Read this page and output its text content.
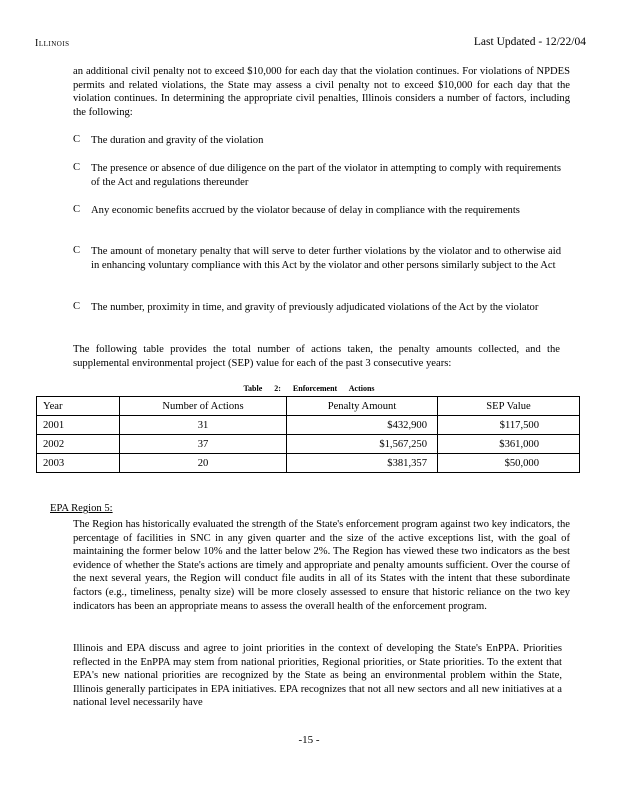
Illinois	Last Updated - 12/22/04
an additional civil penalty not to exceed $10,000 for each day that the violation continues. For violations of NPDES permits and related violations, the State may assess a civil penalty not to exceed $10,000 for each day that the violation continues. In determining the appropriate civil penalties, Illinois considers a number of factors, including the following:
C The duration and gravity of the violation
C The presence or absence of due diligence on the part of the violator in attempting to comply with requirements of the Act and regulations thereunder
C Any economic benefits accrued by the violator because of delay in compliance with the requirements
C The amount of monetary penalty that will serve to deter further violations by the violator and to otherwise aid in enhancing voluntary compliance with this Act by the violator and other persons similarly subject to the Act
C The number, proximity in time, and gravity of previously adjudicated violations of the Act by the violator
The following table provides the total number of actions taken, the penalty amounts collected, and the supplemental environmental project (SEP) value for each of the past 3 consecutive years:
Table 2: Enforcement Actions
Year	Number of Actions	Penalty Amount	SEP Value
2001	31	$432,900	$117,500
2002	37	$1,567,250	$361,000
2003	20	$381,357	$50,000
EPA Region 5:
The Region has historically evaluated the strength of the State's enforcement program against two key indicators, the percentage of facilities in SNC in any given quarter and the size of the active exceptions list, with the goal of maintaining the former below 10% and the latter below 2%. The Region has viewed these two indicators as the best evidence of whether the State's actions are timely and appropriate and penalty amounts sufficient. Over the course of the next several years, the Region will conduct file audits in all of its States with the intent that these subordinate factors (e.g., timeliness, penalty size) will be more closely assessed to ensure that historic reliance on the two key indicators has been an appropriate means to assess the overall health of the enforcement program.
Illinois and EPA discuss and agree to joint priorities in the context of developing the State's EnPPA. Priorities reflected in the EnPPA may stem from national priorities, Regional priorities, or State priorities. To the extent that EPA's new national priorities are recognized by the State as being an environmental problem within the State, Illinois generally participates in EPA initiatives. EPA recognizes that not all new sectors and all new initiatives at a national level necessarily have
-15 -
